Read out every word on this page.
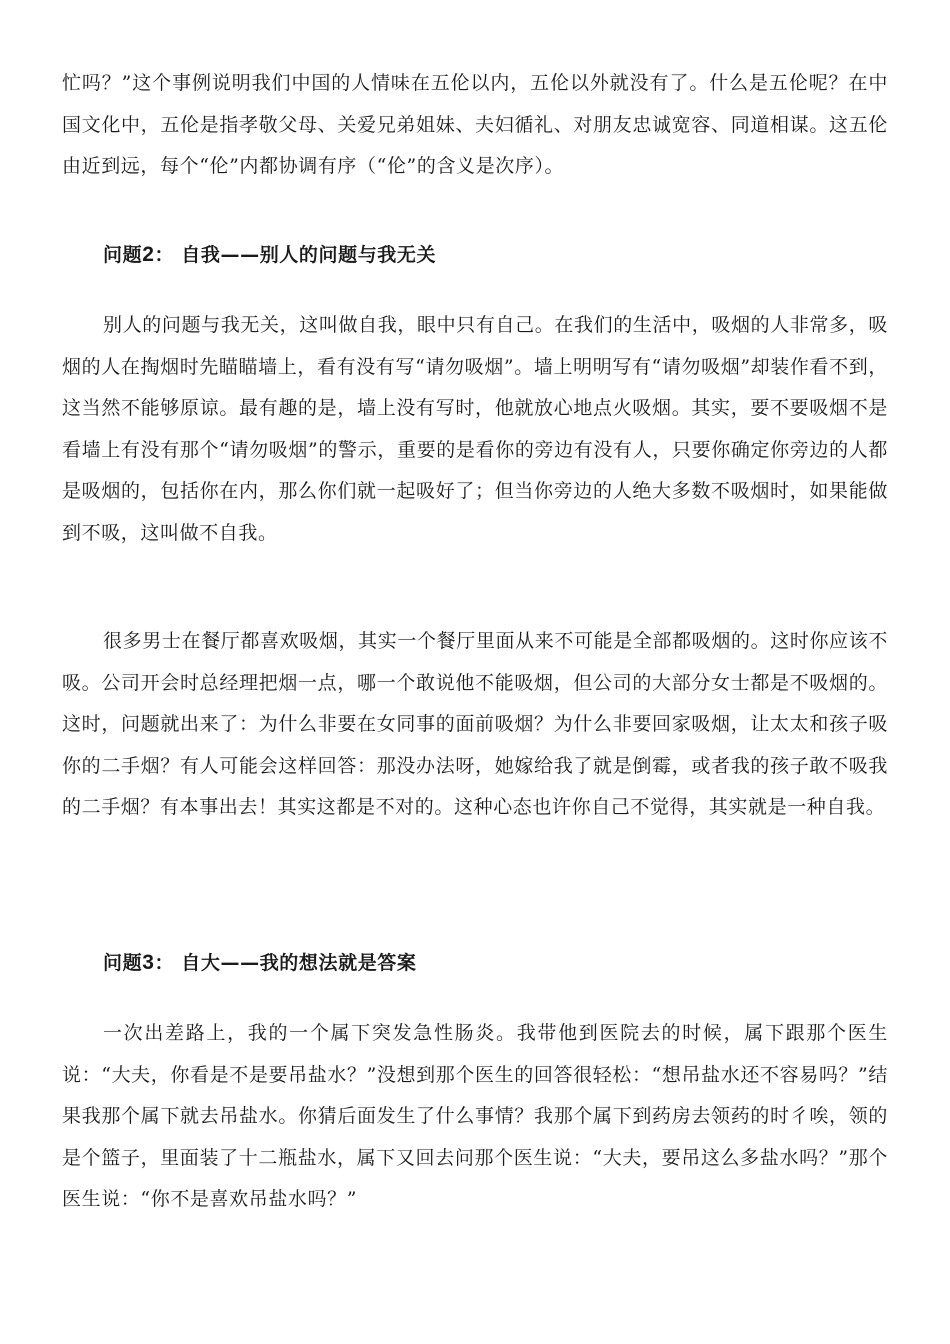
忙吗？”这个事例说明我们中国的人情味在五伦以内，五伦以外就没有了。什么是五伦呢？在中国文化中，五伦是指孝敬父母、关爱兄弟姐妹、夫妇循礼、对朋友忠诚宽容、同道相谋。这五伦由近到远，每个“伦”内都协调有序（“伦”的含义是次序）。

问题2： 自我——别人的问题与我无关

别人的问题与我无关，这叫做自我，眼中只有自己。在我们的生活中，吸烟的人非常多，吸烟的人在掏烟时先瞄瞄墙上，看有没有写“请勿吸烟”。墙上明明写有“请勿吸烟”却装作看不到，这当然不能够原谅。最有趣的是，墙上没有写时，他就放心地点火吸烟。其实，要不要吸烟不是看墙上有没有那个“请勿吸烟”的警示，重要的是看你的旁边有没有人，只要你确定你旁边的人都是吸烟的，包括你在内，那么你们就一起吸好了；但当你旁边的人绝大多数不吸烟时，如果能做到不吸，这叫做不自我。

很多男士在餐厅都喜欢吸烟，其实一个餐厅里面从来不可能是全部都吸烟的。这时你应该不吸。公司开会时总经理把烟一点，哪一个敢说他不能吸烟，但公司的大部分女士都是不吸烟的。这时，问题就出来了：为什么非要在女同事的面前吸烟？为什么非要回家吸烟，让太太和孩子吸你的二手烟？有人可能会这样回答：那没办法呀，她嫁给我了就是倒霉，或者我的孩子敢不吸我的二手烟？有本事出去！其实这都是不对的。这种心态也许你自己不觉得，其实就是一种自我。

问题3： 自大——我的想法就是答案

一次出差路上，我的一个属下突发急性肠炎。我带他到医院去的时候，属下跟那个医生说：“大夫，你看是不是要吊盐水？”没想到那个医生的回答很轻松：“想吊盐水还不容易吗？”结果我那个属下就去吊盐水。你猜后面发生了什么事情？我那个属下到药房去领药的时彳唉，领的是个篮子，里面装了十二瓶盐水，属下又回去问那个医生说：“大夫，要吊这么多盐水吗？”那个医生说：“你不是喜欢吊盐水吗？”
